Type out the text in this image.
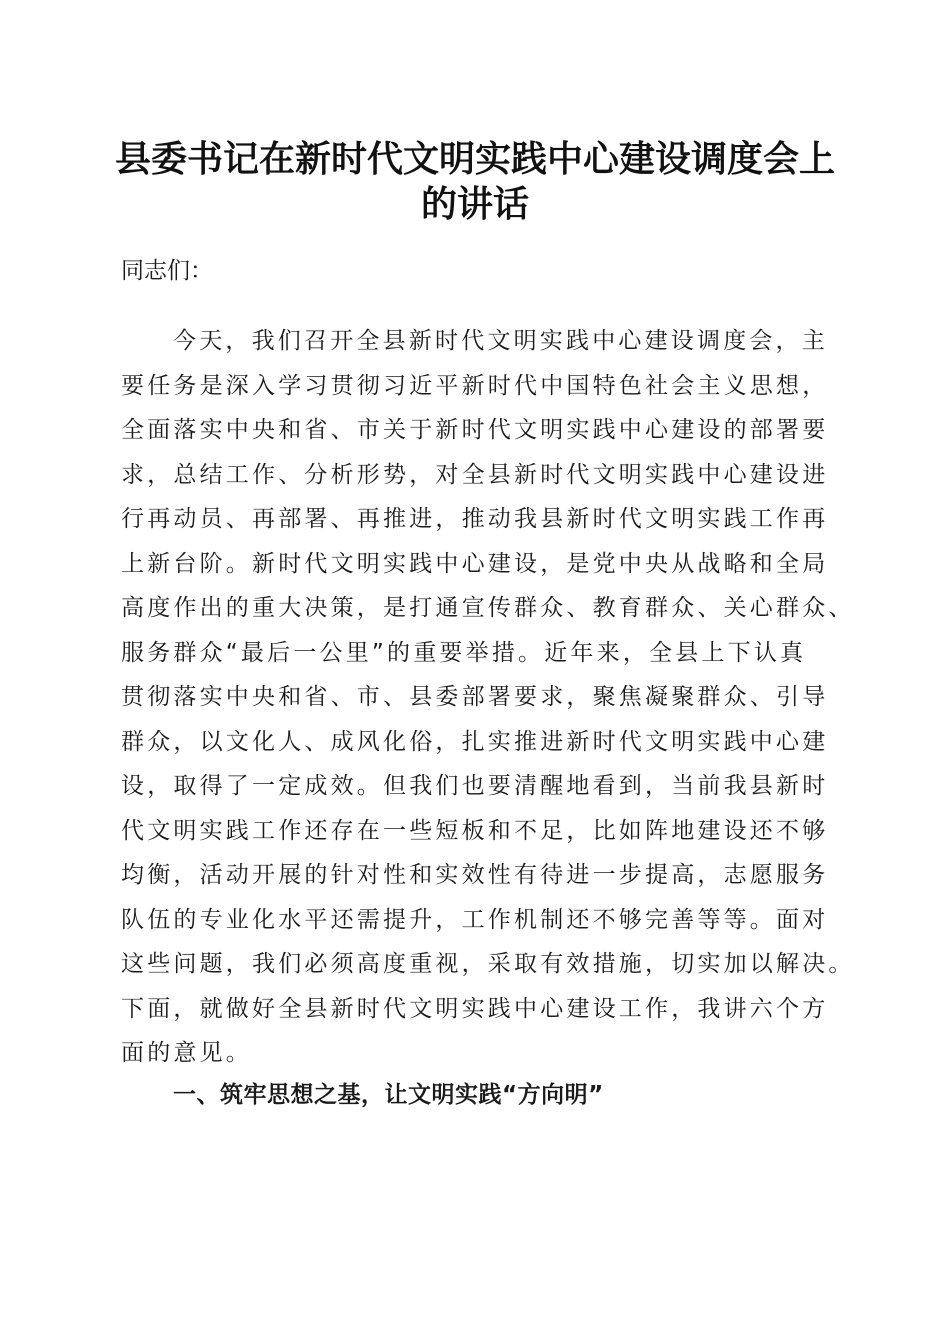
县委书记在新时代文明实践中心建设调度会上
的讲话
同志们：
今天，我们召开全县新时代文明实践中心建设调度会，主
要任务是深入学习贯彻习近平新时代中国特色社会主义思想，
全面落实中央和省、市关于新时代文明实践中心建设的部署要
求，总结工作、分析形势，对全县新时代文明实践中心建设进
行再动员、再部署、再推进，推动我县新时代文明实践工作再
上新台阶。新时代文明实践中心建设，是党中央从战略和全局
高度作出的重大决策，是打通宣传群众、教育群众、关心群众、
服务群众“最后一公里”的重要举措。近年来，全县上下认真
贯彻落实中央和省、市、县委部署要求，聚焦凝聚群众、引导
群众，以文化人、成风化俗，扎实推进新时代文明实践中心建
设，取得了一定成效。但我们也要清醒地看到，当前我县新时
代文明实践工作还存在一些短板和不足，比如阵地建设还不够
均衡，活动开展的针对性和实效性有待进一步提高，志愿服务
队伍的专业化水平还需提升，工作机制还不够完善等等。面对
这些问题，我们必须高度重视，采取有效措施，切实加以解决。
下面，就做好全县新时代文明实践中心建设工作，我讲六个方
面的意见。
一、筑牢思想之基，让文明实践“方向明”
